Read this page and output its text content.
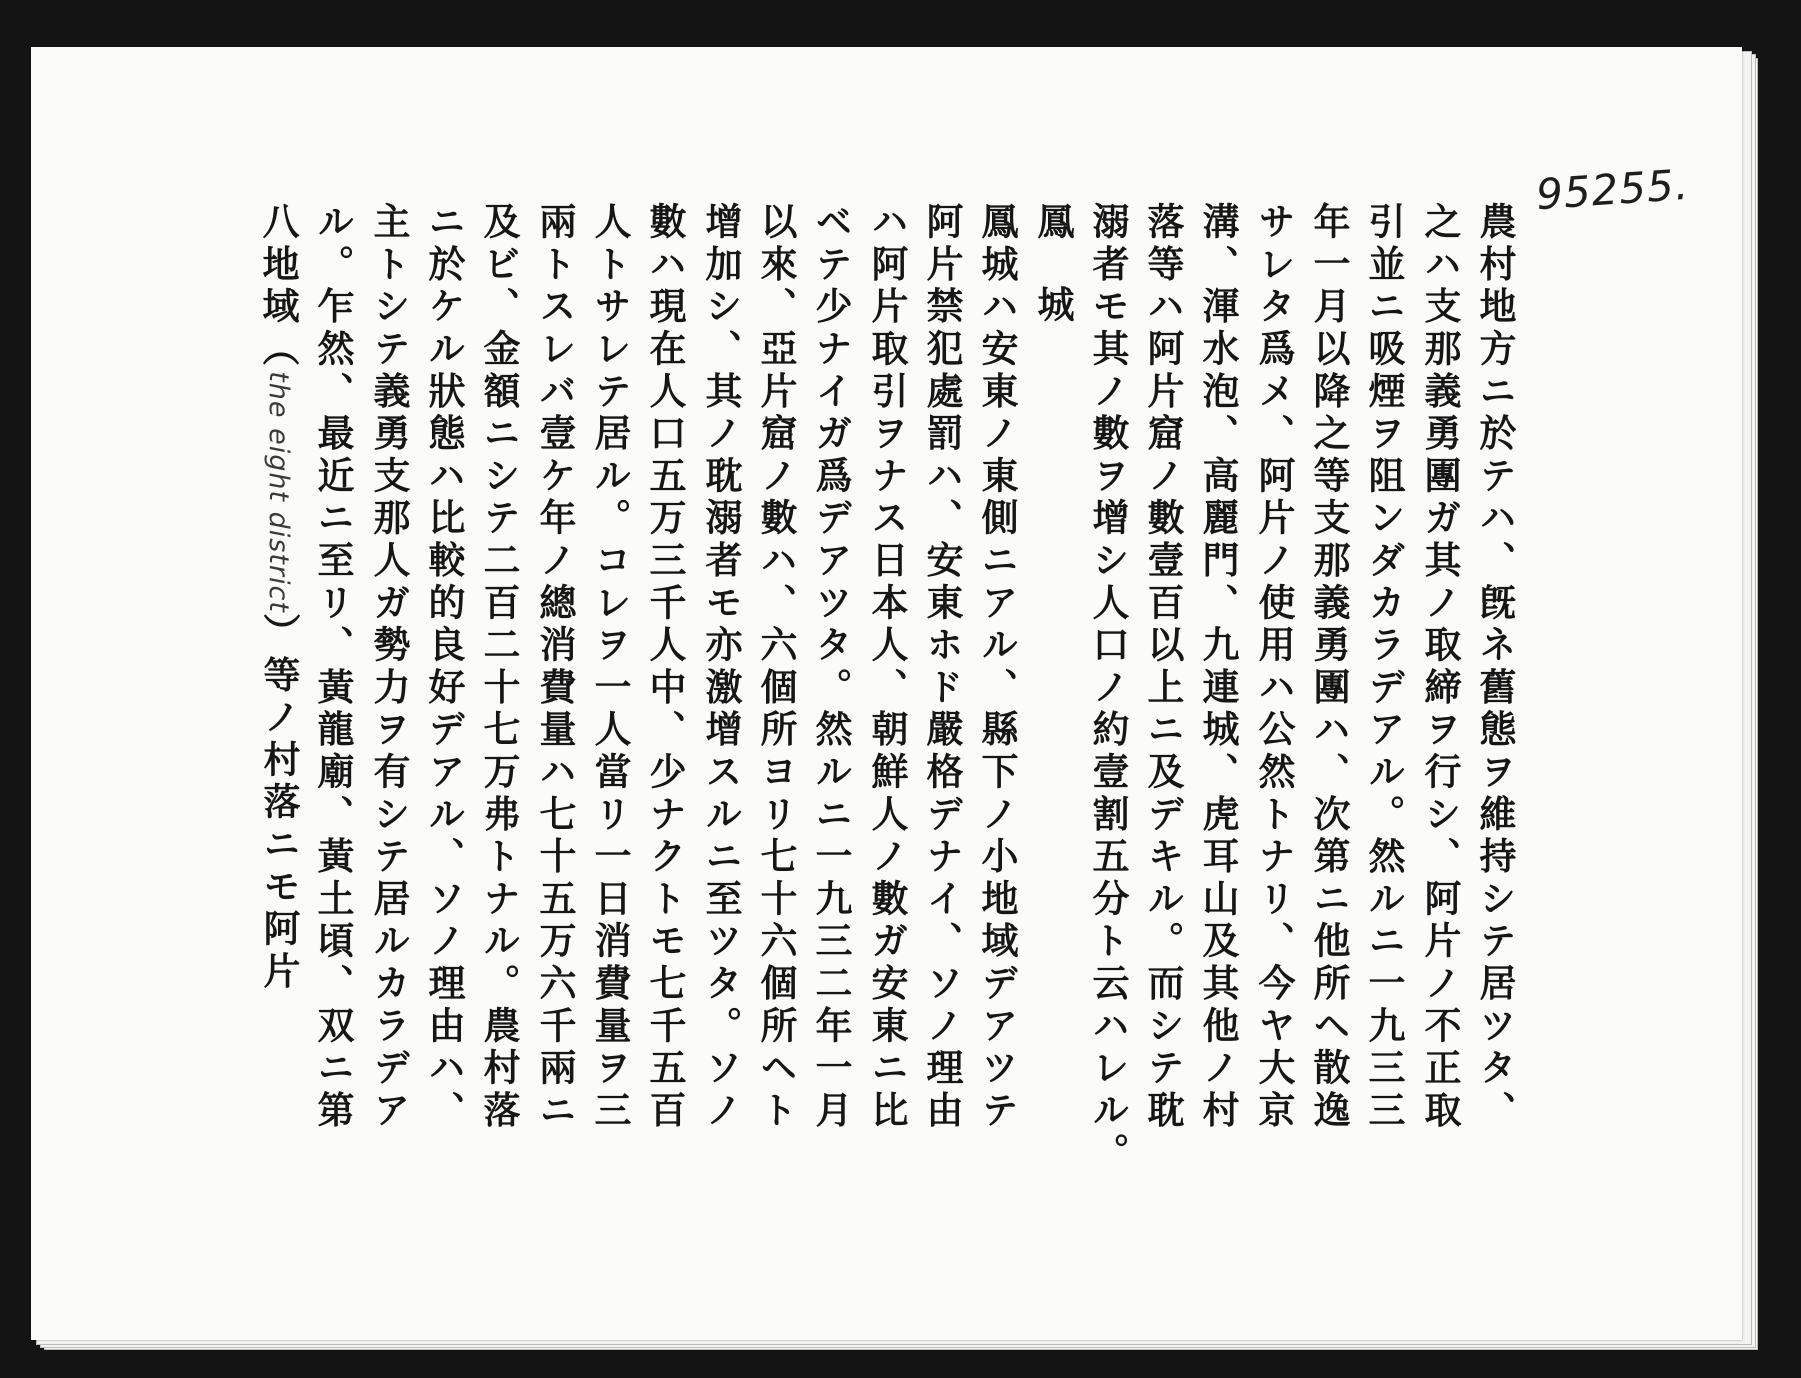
95255.
農村地方ニ於テハ、旣ネ舊態ヲ維持シテ居ツタ、
之ハ支那義勇團ガ其ノ取締ヲ行シ、阿片ノ不正取
引並ニ吸煙ヲ阻ンダカラデアル。然ルニ一九三三
年一月以降之等支那義勇團ハ、次第ニ他所ヘ散逸
サレタ爲メ、阿片ノ使用ハ公然トナリ、今ヤ大京
溝、渾水泡、高麗門、九連城、虎耳山及其他ノ村
落等ハ阿片窟ノ數壹百以上ニ及デキル。而シテ耽
溺者モ其ノ數ヲ增シ人口ノ約壹割五分ト云ハレル。
鳳城
鳳城ハ安東ノ東側ニアル、縣下ノ小地域デアツテ
阿片禁犯處罰ハ、安東ホド嚴格デナイ、ソノ理由
ハ阿片取引ヲナス日本人、朝鮮人ノ數ガ安東ニ比
ベテ少ナイガ爲デアツタ。然ルニ一九三二年一月
以來、亞片窟ノ數ハ、六個所ヨリ七十六個所ヘト
增加シ、其ノ耽溺者モ亦激增スルニ至ツタ。ソノ
數ハ現在人口五万三千人中、少ナクトモ七千五百
人トサレテ居ル。コレヲ一人當リ一日消費量ヲ三
兩トスレバ壹ケ年ノ總消費量ハ七十五万六千兩ニ
及ビ、金額ニシテ二百二十七万弗トナル。農村落
ニ於ケル狀態ハ比較的良好デアル、ソノ理由ハ、
主トシテ義勇支那人ガ勢力ヲ有シテ居ルカラデア
ル。乍然、最近ニ至リ、黃龍廟、黃土頃、双ニ第
八地域（the eight district）等ノ村落ニモ阿片
